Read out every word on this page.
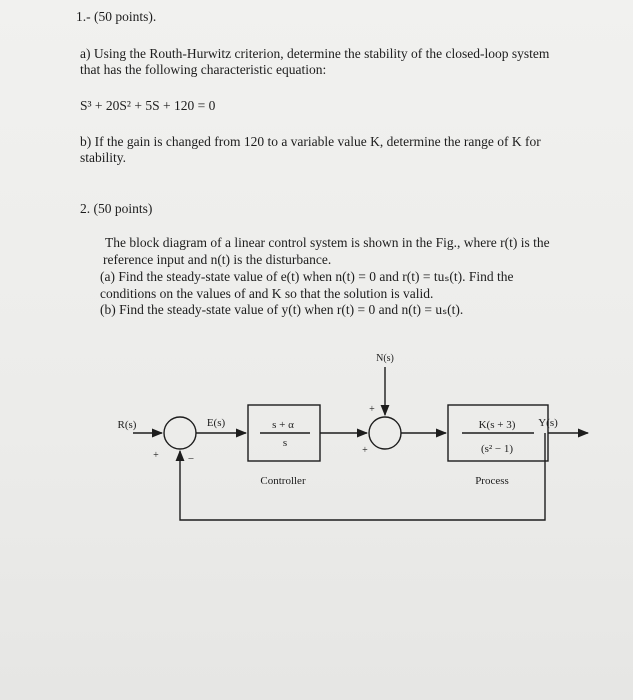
1.- (50 points).
a) Using the Routh-Hurwitz criterion, determine the stability of the closed-loop system
that has the following characteristic equation:
S³ + 20S² + 5S + 120 = 0
b) If the gain is changed from 120 to a variable value K, determine the range of K for
stability.
2. (50 points)
The block diagram of a linear control system is shown in the Fig., where r(t) is the
reference input and n(t) is the disturbance.
(a) Find the steady-state value of e(t) when n(t) = 0 and r(t) = tuₛ(t). Find the
conditions on the values of and K so that the solution is valid.
(b) Find the steady-state value of y(t) when r(t) = 0 and n(t) = uₛ(t).
N(s)
R(s)	E(s)	Y(s)
s + α
s
K(s + 3)
(s² − 1)
Controller	Process
+	−
+
+
